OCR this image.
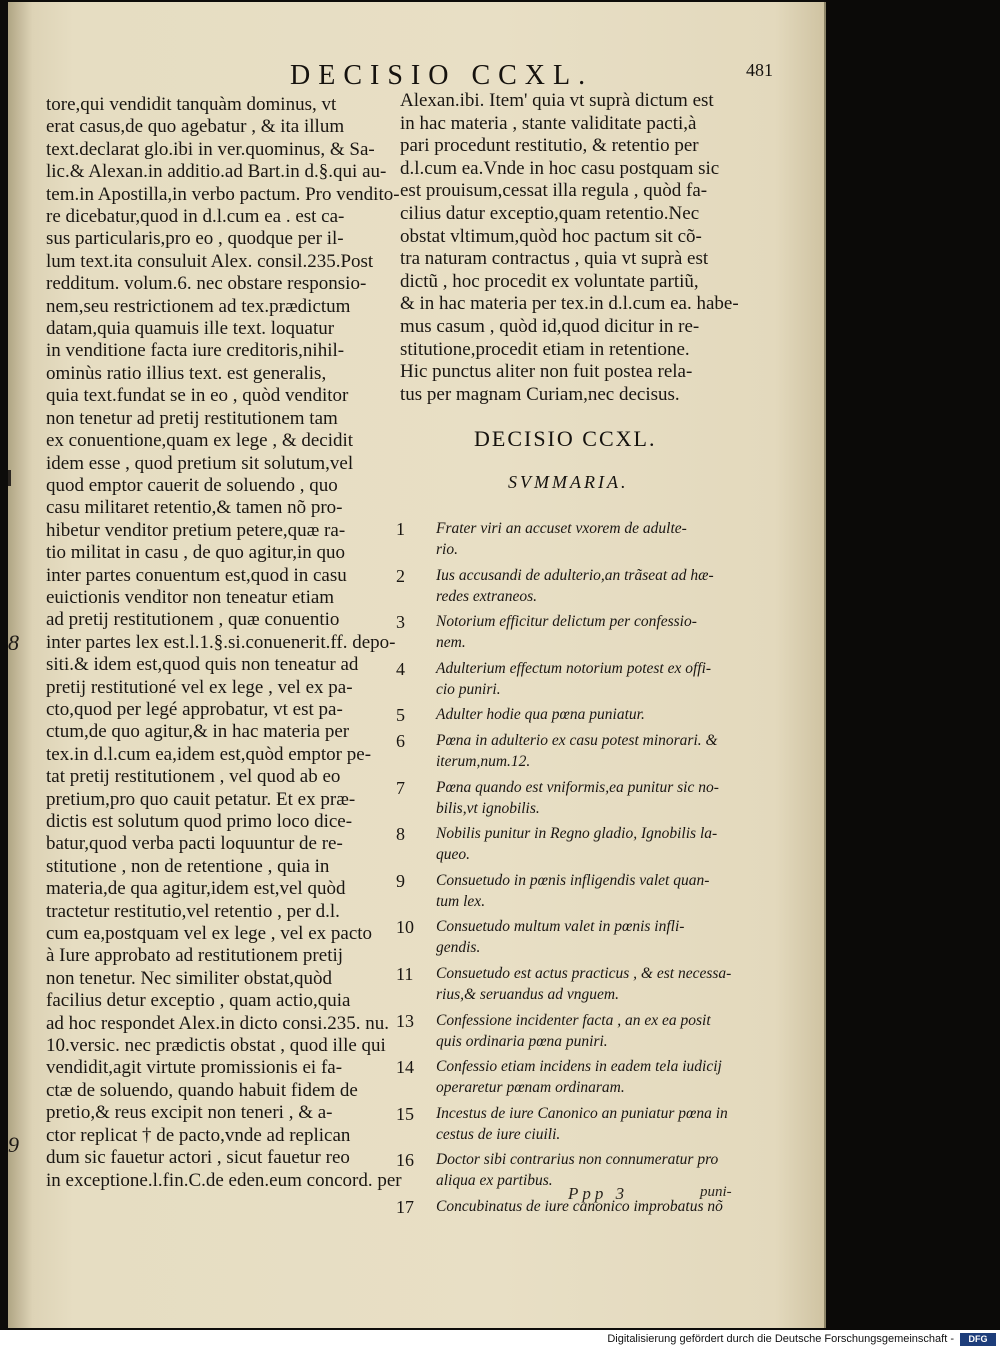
DECISIO CCXL.	481
8
9
tore,qui vendidit tanquàm dominus, vt
erat casus,de quo agebatur , & ita illum
text.declarat glo.ibi in ver.quominus, & Sa-
lic.& Alexan.in additio.ad Bart.in d.§.qui au-
tem.in Apostilla,in verbo pactum. Pro vendito-
re dicebatur,quod in d.l.cum ea . est ca-
sus particularis,pro eo , quodque per il-
lum text.ita consuluit Alex. consil.235.Post
redditum. volum.6. nec obstare responsio-
nem,seu restrictionem ad tex.prædictum
datam,quia quamuis ille text. loquatur
in venditione facta iure creditoris,nihil-
ominùs ratio illius text. est generalis,
quia text.fundat se in eo , quòd venditor
non tenetur ad pretij restitutionem tam
ex conuentione,quam ex lege , & decidit
idem esse , quod pretium sit solutum,vel
quod emptor cauerit de soluendo , quo
casu militaret retentio,& tamen nõ pro-
hibetur venditor pretium petere,quæ ra-
tio militat in casu , de quo agitur,in quo
inter partes conuentum est,quod in casu
euictionis venditor non teneatur etiam
ad pretij restitutionem , quæ conuentio
inter partes lex est.l.1.§.si.conuenerit.ff. depo-
siti.& idem est,quod quis non teneatur ad
pretij restitutioné vel ex lege , vel ex pa-
cto,quod per legé approbatur, vt est pa-
ctum,de quo agitur,& in hac materia per
tex.in d.l.cum ea,idem est,quòd emptor pe-
tat pretij restitutionem , vel quod ab eo
pretium,pro quo cauit petatur. Et ex præ-
dictis est solutum quod primo loco dice-
batur,quod verba pacti loquuntur de re-
stitutione , non de retentione , quia in
materia,de qua agitur,idem est,vel quòd
tractetur restitutio,vel retentio , per d.l.
cum ea,postquam vel ex lege , vel ex pacto
à Iure approbato ad restitutionem pretij
non tenetur. Nec similiter obstat,quòd
facilius detur exceptio , quam actio,quia
ad hoc respondet Alex.in dicto consi.235. nu.
10.versic. nec prædictis obstat , quod ille qui
vendidit,agit virtute promissionis ei fa-
ctæ de soluendo, quando habuit fidem de
pretio,& reus excipit non teneri , & a-
ctor replicat † de pacto,vnde ad replican
dum sic fauetur actori , sicut fauetur reo
in exceptione.l.fin.C.de eden.eum concord. per
Alexan.ibi. Item' quia vt suprà dictum est
in hac materia , stante validitate pacti,à
pari procedunt restitutio, & retentio per
d.l.cum ea.Vnde in hoc casu postquam sic
est prouisum,cessat illa regula , quòd fa-
cilius datur exceptio,quam retentio.Nec
obstat vltimum,quòd hoc pactum sit cõ-
tra naturam contractus , quia vt suprà est
dictũ , hoc procedit ex voluntate partiũ,
& in hac materia per tex.in d.l.cum ea. habe-
mus casum , quòd id,quod dicitur in re-
stitutione,procedit etiam in retentione.
Hic punctus aliter non fuit postea rela-
tus per magnam Curiam,nec decisus.
DECISIO CCXL.
SVMMARIA.
1	Frater viri an accuset vxorem de adulte-
rio.
2	Ius accusandi de adulterio,an trãseat ad hæ-
redes extraneos.
3	Notorium efficitur delictum per confessio-
nem.
4	Adulterium effectum notorium potest ex offi-
cio puniri.
5	Adulter hodie qua pœna puniatur.
6	Pœna in adulterio ex casu potest minorari. &
iterum,num.12.
7	Pœna quando est vniformis,ea punitur sic no-
bilis,vt ignobilis.
8	Nobilis punitur in Regno gladio, Ignobilis la-
queo.
9	Consuetudo in pœnis infligendis valet quan-
tum lex.
10	Consuetudo multum valet in pœnis infli-
gendis.
11	Consuetudo est actus practicus , & est necessa-
rius,& seruandus ad vnguem.
13	Confessione incidenter facta , an ex ea posit
quis ordinaria pœna puniri.
14	Confessio etiam incidens in eadem tela iudicij
operaretur pœnam ordinaram.
15	Incestus de iure Canonico an puniatur pœna in
cestus de iure ciuili.
16	Doctor sibi contrarius non connumeratur pro
aliqua ex partibus.
17	Concubinatus de iure canonico improbatus nõ
Ppp 3	puni-
Digitalisierung gefördert durch die Deutsche Forschungsgemeinschaft -	DFG
